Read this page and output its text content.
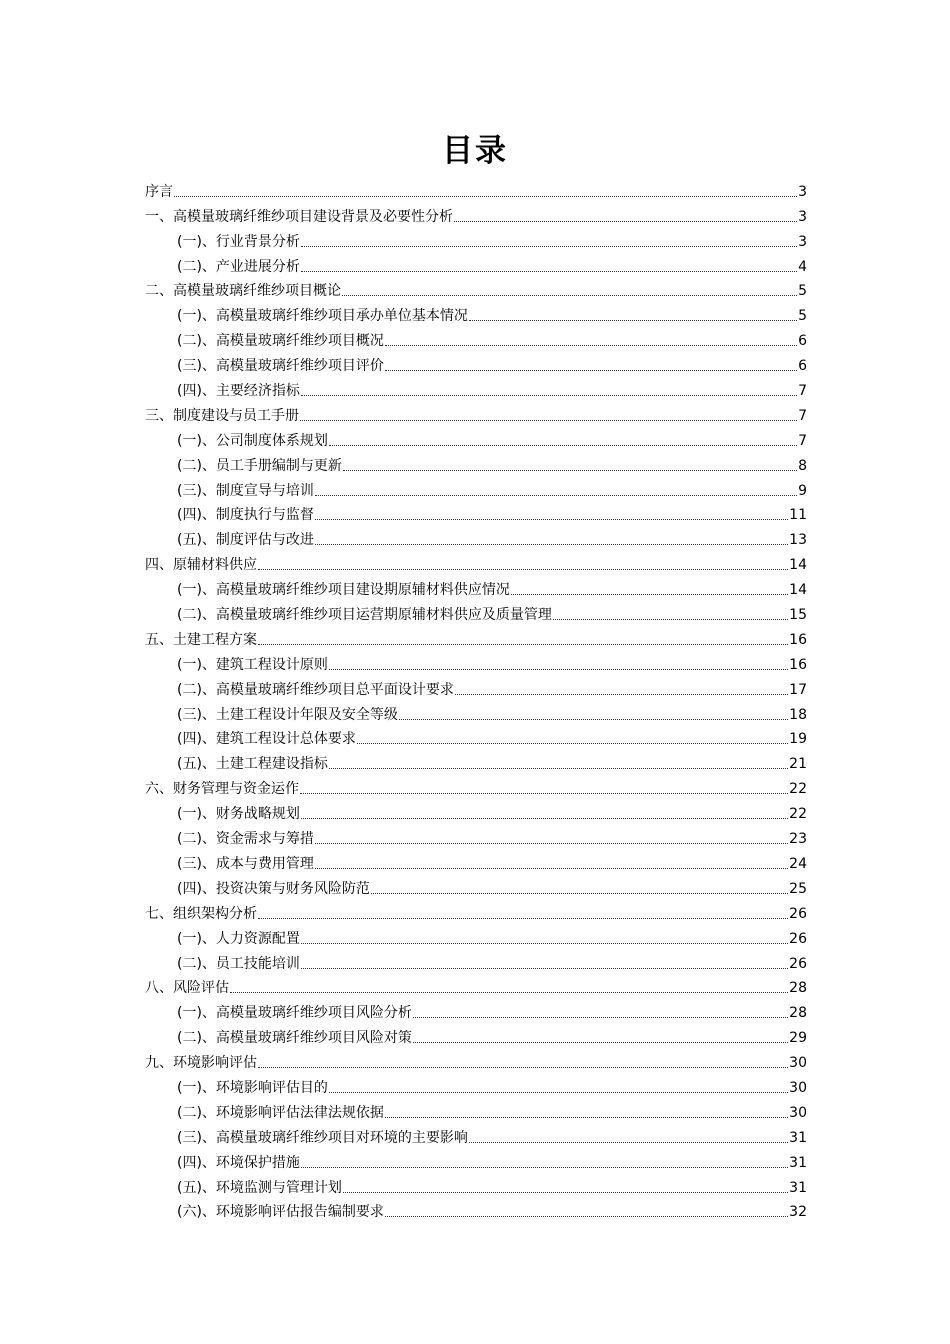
目录
序言	3
一、高模量玻璃纤维纱项目建设背景及必要性分析	3
(一)、行业背景分析	3
(二)、产业进展分析	4
二、高模量玻璃纤维纱项目概论	5
(一)、高模量玻璃纤维纱项目承办单位基本情况	5
(二)、高模量玻璃纤维纱项目概况	6
(三)、高模量玻璃纤维纱项目评价	6
(四)、主要经济指标	7
三、制度建设与员工手册	7
(一)、公司制度体系规划	7
(二)、员工手册编制与更新	8
(三)、制度宣导与培训	9
(四)、制度执行与监督	11
(五)、制度评估与改进	13
四、原辅材料供应	14
(一)、高模量玻璃纤维纱项目建设期原辅材料供应情况	14
(二)、高模量玻璃纤维纱项目运营期原辅材料供应及质量管理	15
五、土建工程方案	16
(一)、建筑工程设计原则	16
(二)、高模量玻璃纤维纱项目总平面设计要求	17
(三)、土建工程设计年限及安全等级	18
(四)、建筑工程设计总体要求	19
(五)、土建工程建设指标	21
六、财务管理与资金运作	22
(一)、财务战略规划	22
(二)、资金需求与筹措	23
(三)、成本与费用管理	24
(四)、投资决策与财务风险防范	25
七、组织架构分析	26
(一)、人力资源配置	26
(二)、员工技能培训	26
八、风险评估	28
(一)、高模量玻璃纤维纱项目风险分析	28
(二)、高模量玻璃纤维纱项目风险对策	29
九、环境影响评估	30
(一)、环境影响评估目的	30
(二)、环境影响评估法律法规依据	30
(三)、高模量玻璃纤维纱项目对环境的主要影响	31
(四)、环境保护措施	31
(五)、环境监测与管理计划	31
(六)、环境影响评估报告编制要求	32
